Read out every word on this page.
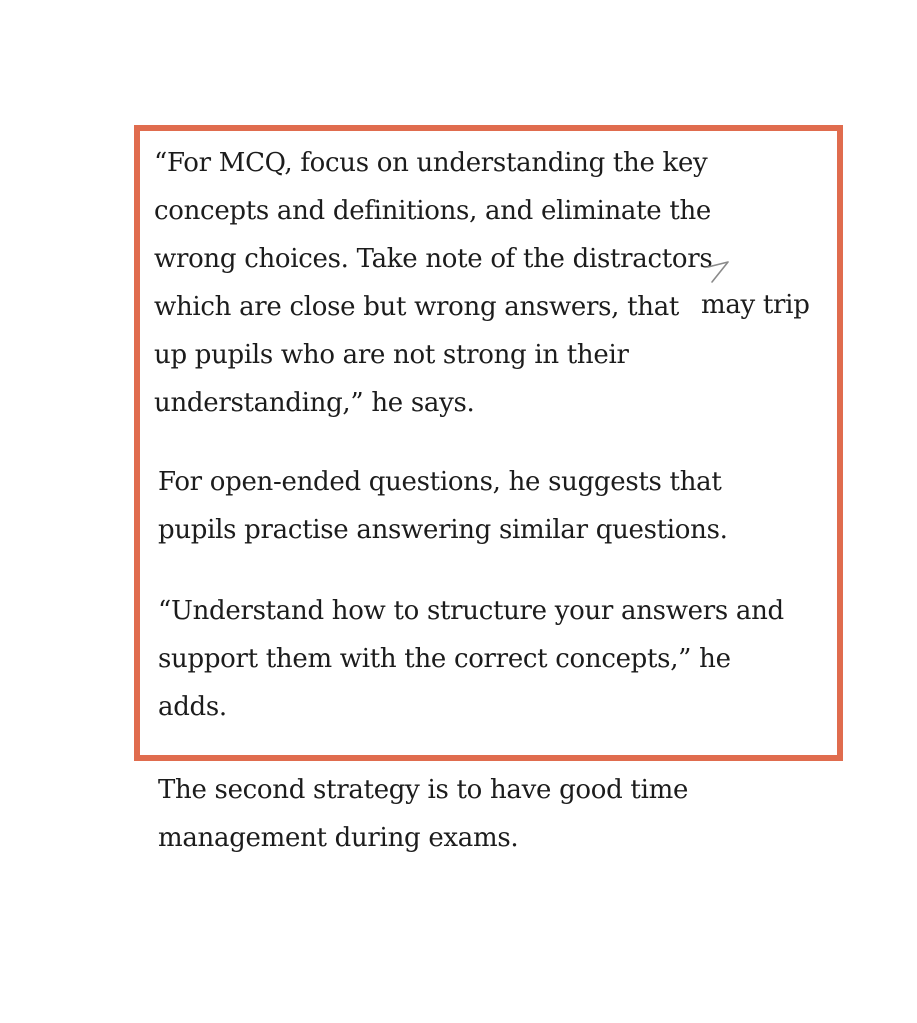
“For MCQ, focus on understanding the key
concepts and definitions, and eliminate the
wrong choices. Take note of the distractors
which are close but wrong answers, that may trip
up pupils who are not strong in their
understanding,” he says.
For open-ended questions, he suggests that
pupils practise answering similar questions.
“Understand how to structure your answers and
support them with the correct concepts,” he
adds.
The second strategy is to have good time
management during exams.
